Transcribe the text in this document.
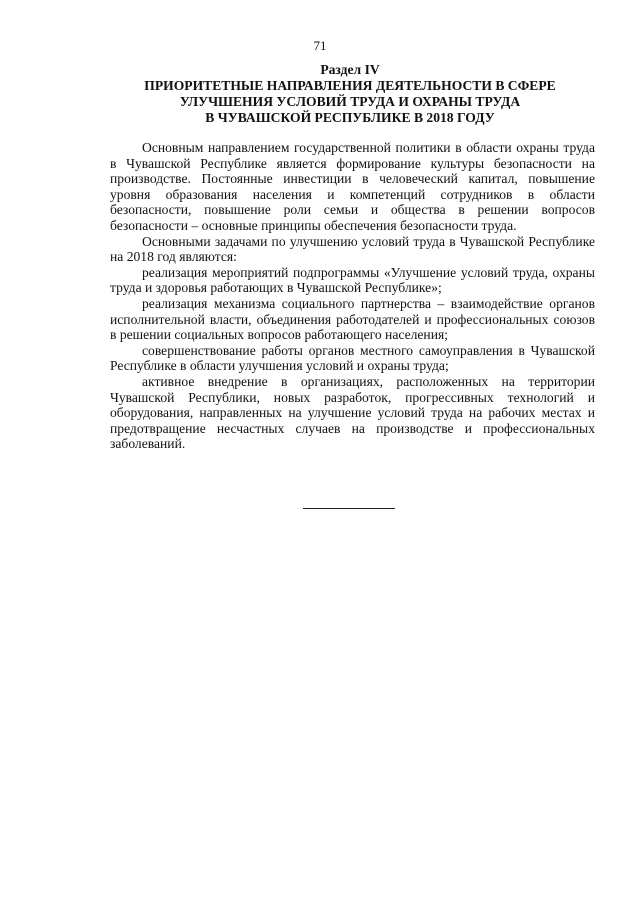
71
Раздел IV
ПРИОРИТЕТНЫЕ НАПРАВЛЕНИЯ ДЕЯТЕЛЬНОСТИ В СФЕРЕ
УЛУЧШЕНИЯ УСЛОВИЙ ТРУДА И ОХРАНЫ ТРУДА
В ЧУВАШСКОЙ РЕСПУБЛИКЕ В 2018 ГОДУ

Основным направлением государственной политики в области охраны труда в Чувашской Республике является формирование культуры безопасности на производстве. Постоянные инвестиции в человеческий капитал, повышение уровня образования населения и компетенций сотрудников в области безопасности, повышение роли семьи и общества в решении вопросов безопасности – основные принципы обеспечения безопасности труда.

Основными задачами по улучшению условий труда в Чувашской Республике на 2018 год являются:

реализация мероприятий подпрограммы «Улучшение условий труда, охраны труда и здоровья работающих в Чувашской Республике»;

реализация механизма социального партнерства – взаимодействие органов исполнительной власти, объединения работодателей и профессиональных союзов в решении социальных вопросов работающего населения;

совершенствование работы органов местного самоуправления в Чувашской Республике в области улучшения условий и охраны труда;

активное внедрение в организациях, расположенных на территории Чувашской Республики, новых разработок, прогрессивных технологий и оборудования, направленных на улучшение условий труда на рабочих местах и предотвращение несчастных случаев на производстве и профессиональных заболеваний.
